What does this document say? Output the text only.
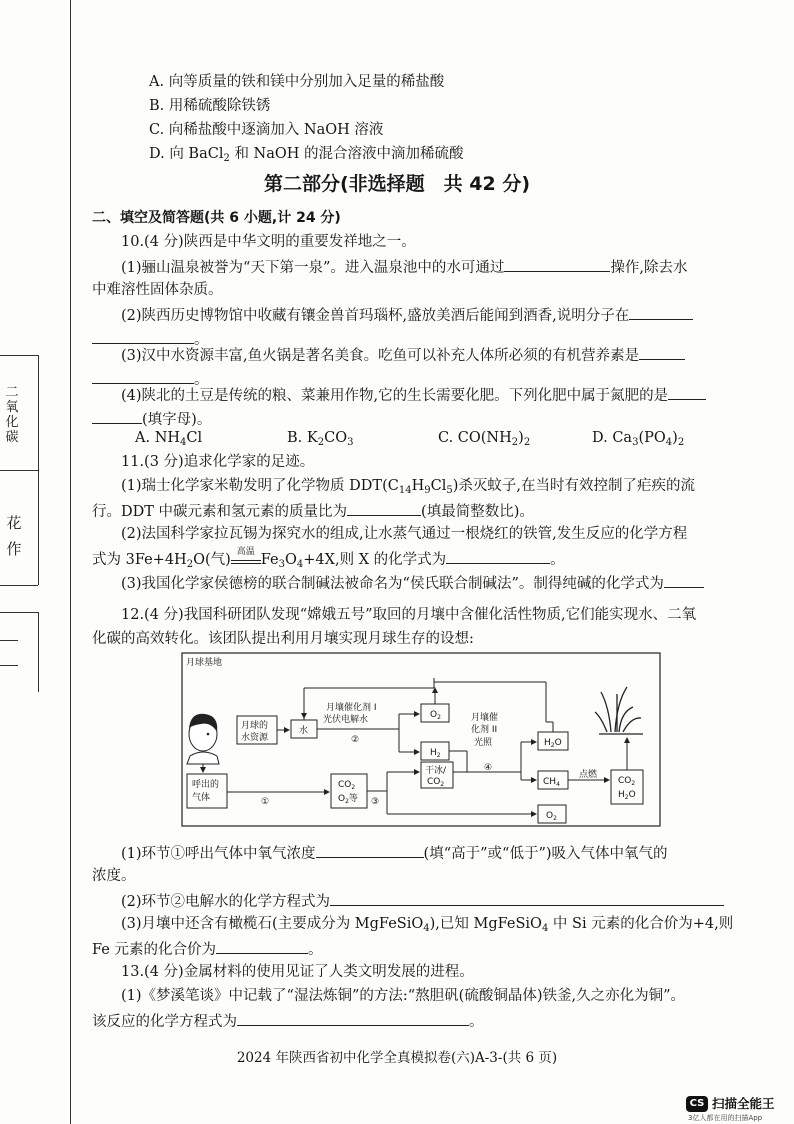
二氧化碳
花作
A. 向等质量的铁和镁中分别加入足量的稀盐酸
B. 用稀硫酸除铁锈
C. 向稀盐酸中逐滴加入 NaOH 溶液
D. 向 BaCl$_2$ 和 NaOH 的混合溶液中滴加稀硫酸
第二部分(非选择题　共 42 分)
二、填空及简答题(共 6 小题,计 24 分)
10.(4 分)陕西是中华文明的重要发祥地之一。
(1)骊山温泉被誉为“天下第一泉”。进入温泉池中的水可通过	操作,除去水
中难溶性固体杂质。
(2)陕西历史博物馆中收藏有镶金兽首玛瑙杯,盛放美酒后能闻到酒香,说明分子在
。
(3)汉中水资源丰富,鱼火锅是著名美食。吃鱼可以补充人体所必须的有机营养素是
。
(4)陕北的土豆是传统的粮、菜兼用作物,它的生长需要化肥。下列化肥中属于氮肥的是
(填字母)。
A. $NH_4Cl$	B. $K_2CO_3$	C. $CO(NH_2)_2$	D. $Ca_3(PO_4)_2$
11.(3 分)追求化学家的足迹。
(1)瑞士化学家米勒发明了化学物质 $DDT(C_{14}H_9Cl_5)$杀灭蚊子,在当时有效控制了疟疾的流
行。DDT 中碳元素和氢元素的质量比为	(填最简整数比)。
(2)法国科学家拉瓦锡为探究水的组成,让水蒸气通过一根烧红的铁管,发生反应的化学方程
式为 $3Fe+4H_2O$(气) 高温 $Fe_3O_4+4X$,则 X 的化学式为	。
(3)我国化学家侯德榜的联合制碱法被命名为“侯氏联合制碱法”。制得纯碱的化学式为
12.(4 分)我国科研团队发现“嫦娥五号”取回的月壤中含催化活性物质,它们能实现水、二氧
化碳的高效转化。该团队提出利用月壤实现月球生存的设想:
月球基地
月球的
水资源
水
月壤催化剂 I
光伏电解水
②
$O_2$
$H_2$
月壤催
化剂 II
光照
④
$H_2O$
$CH_4$
点燃
$CO_2$
$H_2O$
呼出的
气体	①
$CO_2$
$O_2$等 ③
干冰/
$CO_2$
$O_2$
(1)环节①呼出气体中氧气浓度	(填“高于”或“低于”)吸入气体中氧气的
浓度。
(2)环节②电解水的化学方程式为
(3)月壤中还含有橄榄石(主要成分为 MgFeSiO$_4$),已知 MgFeSiO$_4$ 中 Si 元素的化合价为+4,则
Fe 元素的化合价为	。
13.(4 分)金属材料的使用见证了人类文明发展的进程。
(1)《梦溪笔谈》中记载了“湿法炼铜”的方法:“熬胆矾(硫酸铜晶体)铁釜,久之亦化为铜”。
该反应的化学方程式为	。
2024 年陕西省初中化学全真模拟卷(六)A-3-(共 6 页)
CS 扫描全能王
3亿人都在用的扫描App
